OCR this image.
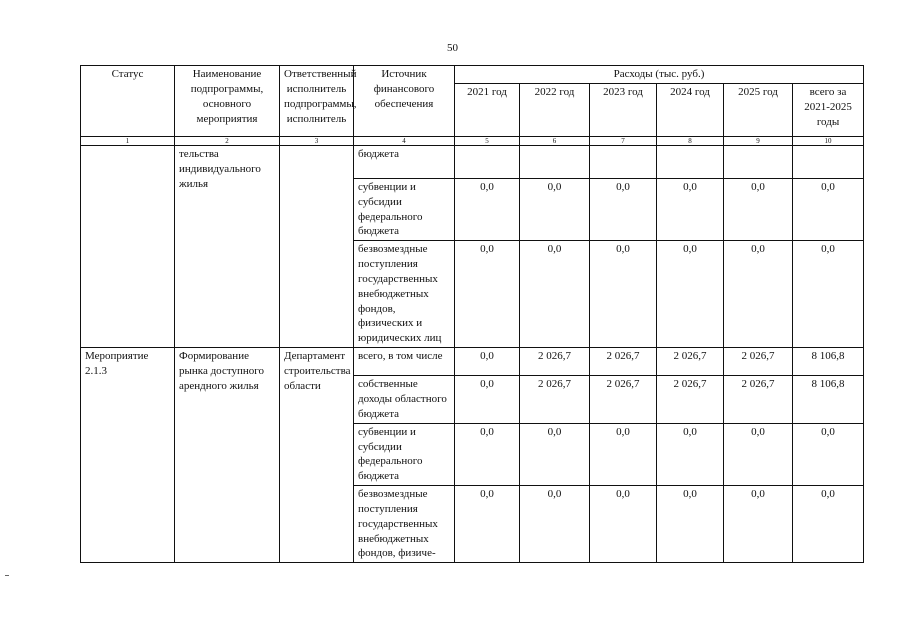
50
Статус	Наименование подпрограммы, основного мероприятия	Ответственный исполнитель подпрограммы, исполнитель	Источник финансового обеспечения	Расходы (тыс. руб.)					
				2021 год	2022 год	2023 год	2024 год	2025 год	всего за 2021-2025 годы
1	2	3	4	5	6	7	8	9	10
	тельства индивидуального жилья		бюджета						
			субвенции и субсидии федерального бюджета	0,0	0,0	0,0	0,0	0,0	0,0
			безвозмездные поступления государственных внебюджетных фондов, физических и юридических лиц	0,0	0,0	0,0	0,0	0,0	0,0
Мероприятие 2.1.3	Формирование рынка доступного арендного жилья	Департамент строительства области	всего, в том числе	0,0	2 026,7	2 026,7	2 026,7	2 026,7	8 106,8
			собственные доходы областного бюджета	0,0	2 026,7	2 026,7	2 026,7	2 026,7	8 106,8
			субвенции и субсидии федерального бюджета	0,0	0,0	0,0	0,0	0,0	0,0
			безвозмездные поступления государственных внебюджетных фондов, физиче-	0,0	0,0	0,0	0,0	0,0	0,0
